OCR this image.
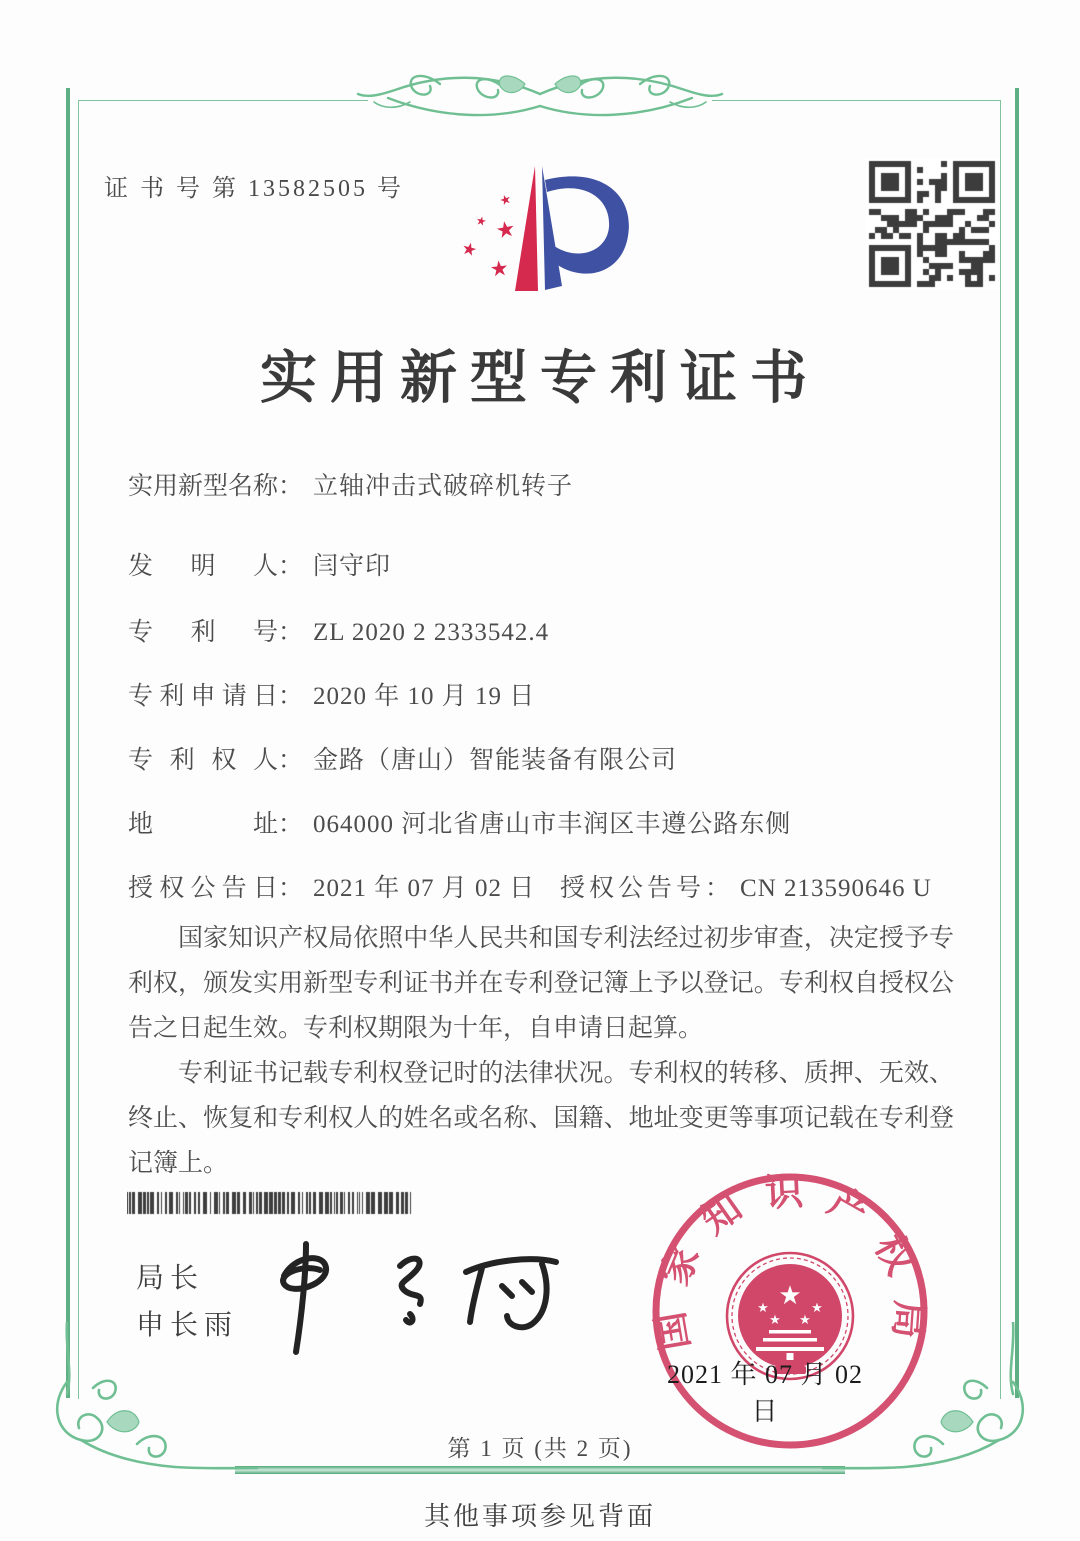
证 书 号 第 13582505 号	★
★ ★
★
★
实用新型专利证书
实用新型名称： 立轴冲击式破碎机转子
发明人： 闫守印
专利号： ZL 2020 2 2333542.4
专利申请日： 2020 年 10 月 19 日
专利权人： 金路（唐山）智能装备有限公司
地址： 064000 河北省唐山市丰润区丰遵公路东侧
授权公告日： 2021 年 07 月 02 日 授权公告号： CN 213590646 U

国家知识产权局依照中华人民共和国专利法经过初步审查，决定授予专利权，颁发实用新型专利证书并在专利登记簿上予以登记。专利权自授权公告之日起生效。专利权期限为十年，自申请日起算。

专利证书记载专利权登记时的法律状况。专利权的转移、质押、无效、终止、恢复和专利权人的姓名或名称、国籍、地址变更等事项记载在专利登记簿上。

局长
申长雨	国家知识产权局
★
★	★
★ ★
2021 年 07 月 02 日
第 1 页 (共 2 页)
其他事项参见背面
